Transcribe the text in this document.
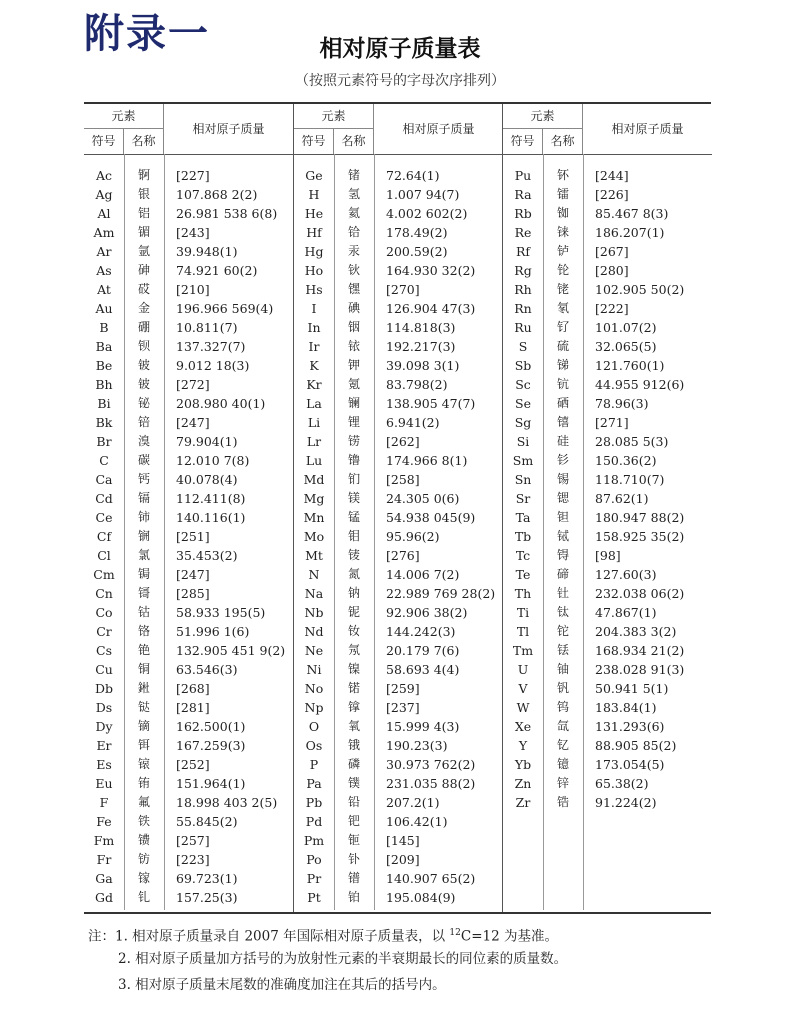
附录一	相对原子质量表
（按照元素符号的字母次序排列）
元素
符号	名称
相对原子质量
Ac	锕	[227]
Ag	银	107.868 2(2)
Al	铝	26.981 538 6(8)
Am	镅	[243]
Ar	氩	39.948(1)
As	砷	74.921 60(2)
At	砹	[210]
Au	金	196.966 569(4)
B	硼	10.811(7)
Ba	钡	137.327(7)
Be	铍	9.012 18(3)
Bh	铍	[272]
Bi	铋	208.980 40(1)
Bk	锫	[247]
Br	溴	79.904(1)
C	碳	12.010 7(8)
Ca	钙	40.078(4)
Cd	镉	112.411(8)
Ce	铈	140.116(1)
Cf	锎	[251]
Cl	氯	35.453(2)
Cm	锔	[247]
Cn	鿔	[285]
Co	钴	58.933 195(5)
Cr	铬	51.996 1(6)
Cs	铯	132.905 451 9(2)
Cu	铜	63.546(3)
Db	𨧀	[268]
Ds	𫟼	[281]
Dy	镝	162.500(1)
Er	铒	167.259(3)
Es	锿	[252]
Eu	铕	151.964(1)
F	氟	18.998 403 2(5)
Fe	铁	55.845(2)
Fm	镄	[257]
Fr	钫	[223]
Ga	镓	69.723(1)
Gd	钆	157.25(3)
元素
符号	名称
相对原子质量
Ge	锗	72.64(1)
H	氢	1.007 94(7)
He	氦	4.002 602(2)
Hf	铪	178.49(2)
Hg	汞	200.59(2)
Ho	钬	164.930 32(2)
Hs	𬭶	[270]
I	碘	126.904 47(3)
In	铟	114.818(3)
Ir	铱	192.217(3)
K	钾	39.098 3(1)
Kr	氪	83.798(2)
La	镧	138.905 47(7)
Li	锂	6.941(2)
Lr	铹	[262]
Lu	镥	174.966 8(1)
Md	钔	[258]
Mg	镁	24.305 0(6)
Mn	锰	54.938 045(9)
Mo	钼	95.96(2)
Mt	鿏	[276]
N	氮	14.006 7(2)
Na	钠	22.989 769 28(2)
Nb	铌	92.906 38(2)
Nd	钕	144.242(3)
Ne	氖	20.179 7(6)
Ni	镍	58.693 4(4)
No	锘	[259]
Np	镎	[237]
O	氧	15.999 4(3)
Os	锇	190.23(3)
P	磷	30.973 762(2)
Pa	镤	231.035 88(2)
Pb	铅	207.2(1)
Pd	钯	106.42(1)
Pm	钷	[145]
Po	钋	[209]
Pr	镨	140.907 65(2)
Pt	铂	195.084(9)
元素
符号	名称
相对原子质量
Pu	钚	[244]
Ra	镭	[226]
Rb	铷	85.467 8(3)
Re	铼	186.207(1)
Rf	𬬻	[267]
Rg	𬬭	[280]
Rh	铑	102.905 50(2)
Rn	氡	[222]
Ru	钌	101.07(2)
S	硫	32.065(5)
Sb	锑	121.760(1)
Sc	钪	44.955 912(6)
Se	硒	78.96(3)
Sg	𬭳	[271]
Si	硅	28.085 5(3)
Sm	钐	150.36(2)
Sn	锡	118.710(7)
Sr	锶	87.62(1)
Ta	钽	180.947 88(2)
Tb	铽	158.925 35(2)
Tc	锝	[98]
Te	碲	127.60(3)
Th	钍	232.038 06(2)
Ti	钛	47.867(1)
Tl	铊	204.383 3(2)
Tm	铥	168.934 21(2)
U	铀	238.028 91(3)
V	钒	50.941 5(1)
W	钨	183.84(1)
Xe	氙	131.293(6)
Y	钇	88.905 85(2)
Yb	镱	173.054(5)
Zn	锌	65.38(2)
Zr	锆	91.224(2)
注：1. 相对原子质量录自 2007 年国际相对原子质量表，以 $^{12}$C=12 为基准。
2. 相对原子质量加方括号的为放射性元素的半衰期最长的同位素的质量数。
3. 相对原子质量末尾数的准确度加注在其后的括号内。
